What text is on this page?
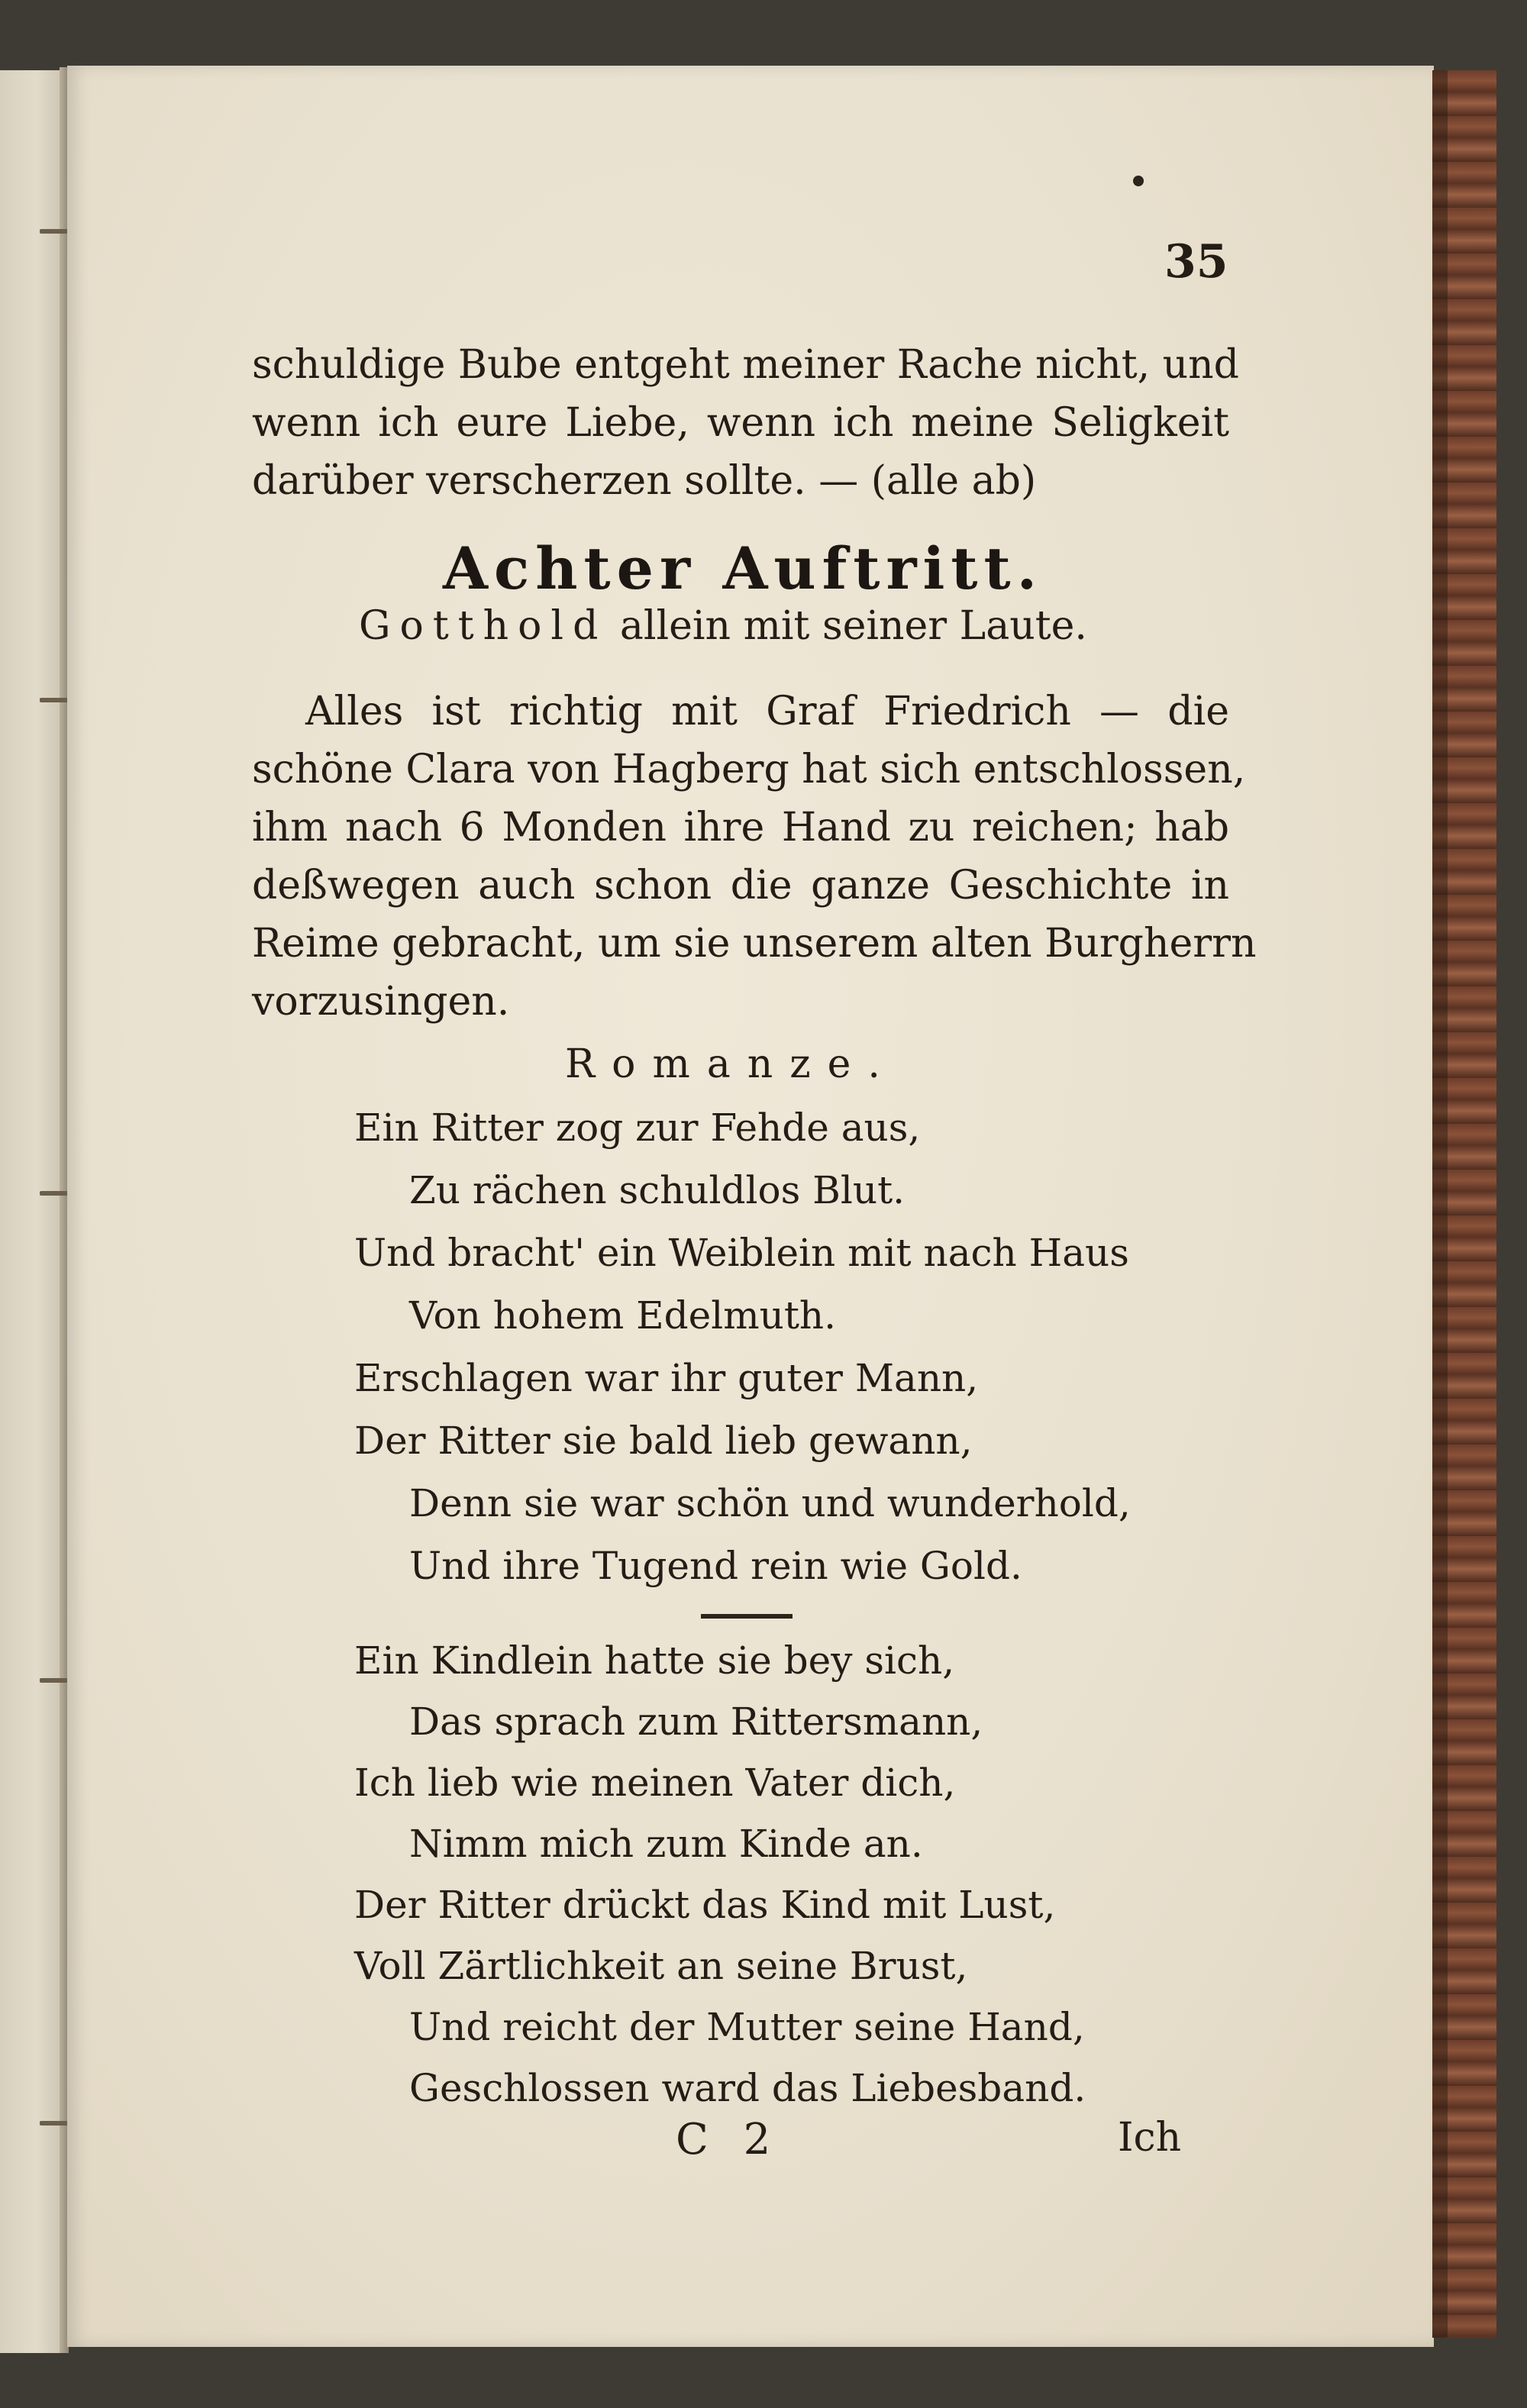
35
schuldige Bube entgeht meiner Rache nicht, und
wenn ich eure Liebe, wenn ich meine Seligkeit
darüber verscherzen sollte. — (alle ab)
Achter Auftritt.
Gotthold allein mit seiner Laute.
Alles ist richtig mit Graf Friedrich — die
schöne Clara von Hagberg hat sich entschlossen,
ihm nach 6 Monden ihre Hand zu reichen; hab
deßwegen auch schon die ganze Geschichte in
Reime gebracht, um sie unserem alten Burgherrn
vorzusingen.
Romanze.
Ein Ritter zog zur Fehde aus,
Zu rächen schuldlos Blut.
Und bracht' ein Weiblein mit nach Haus
Von hohem Edelmuth.
Erschlagen war ihr guter Mann,
Der Ritter sie bald lieb gewann,
Denn sie war schön und wunderhold,
Und ihre Tugend rein wie Gold.
Ein Kindlein hatte sie bey sich,
Das sprach zum Rittersmann,
Ich lieb wie meinen Vater dich,
Nimm mich zum Kinde an.
Der Ritter drückt das Kind mit Lust,
Voll Zärtlichkeit an seine Brust,
Und reicht der Mutter seine Hand,
Geschlossen ward das Liebesband.
C 2	Ich
